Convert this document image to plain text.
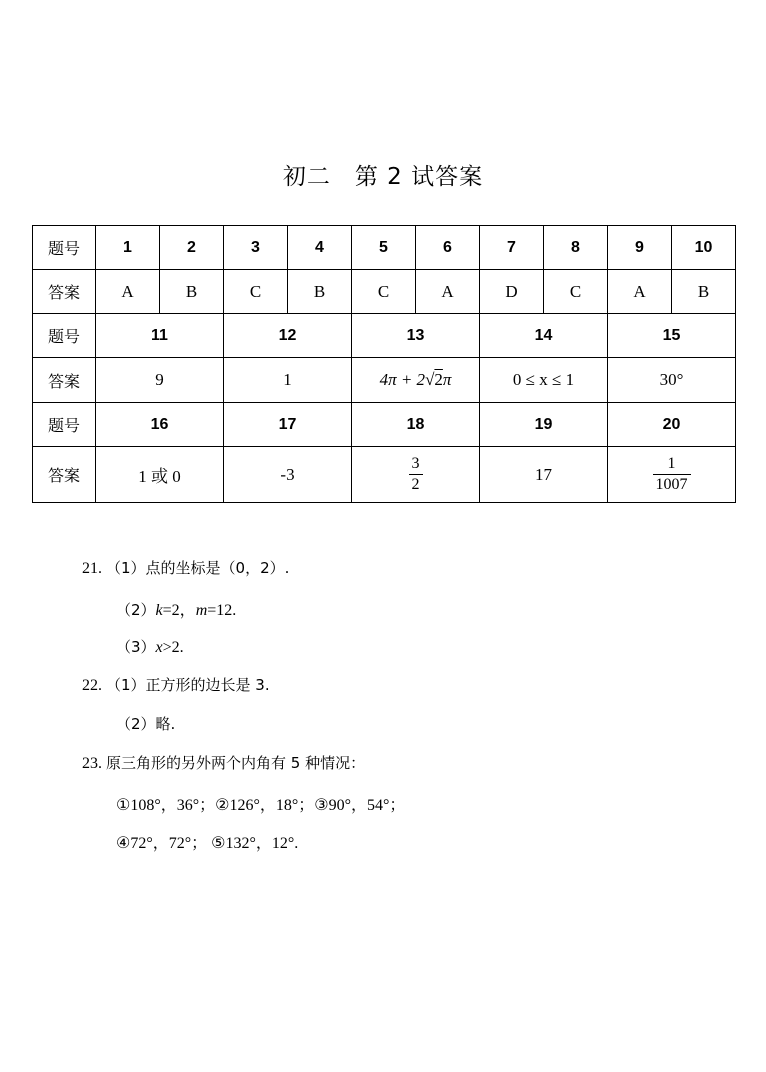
初二　第 2 试答案
题号	1	2	3	4	5	6	7	8	9	10
答案	A	B	C	B	C	A	D	C	A	B
题号	11		12		13		14		15	
答案	9		1		4π + 2√2π		0 ≤ x ≤ 1		30°	
题号	16		17		18		19		20	
答案	1 或 0		-3		$\frac{3}{2}$		17		$\frac{1}{1007}$
21. （1）点的坐标是（0，2）.
（2）k=2，m=12.
（3）x>2.
22. （1）正方形的边长是 3.
（2）略.
23. 原三角形的另外两个内角有 5 种情况：
①108°，36°；②126°，18°；③90°，54°；
④72°，72°； ⑤132°，12°.
